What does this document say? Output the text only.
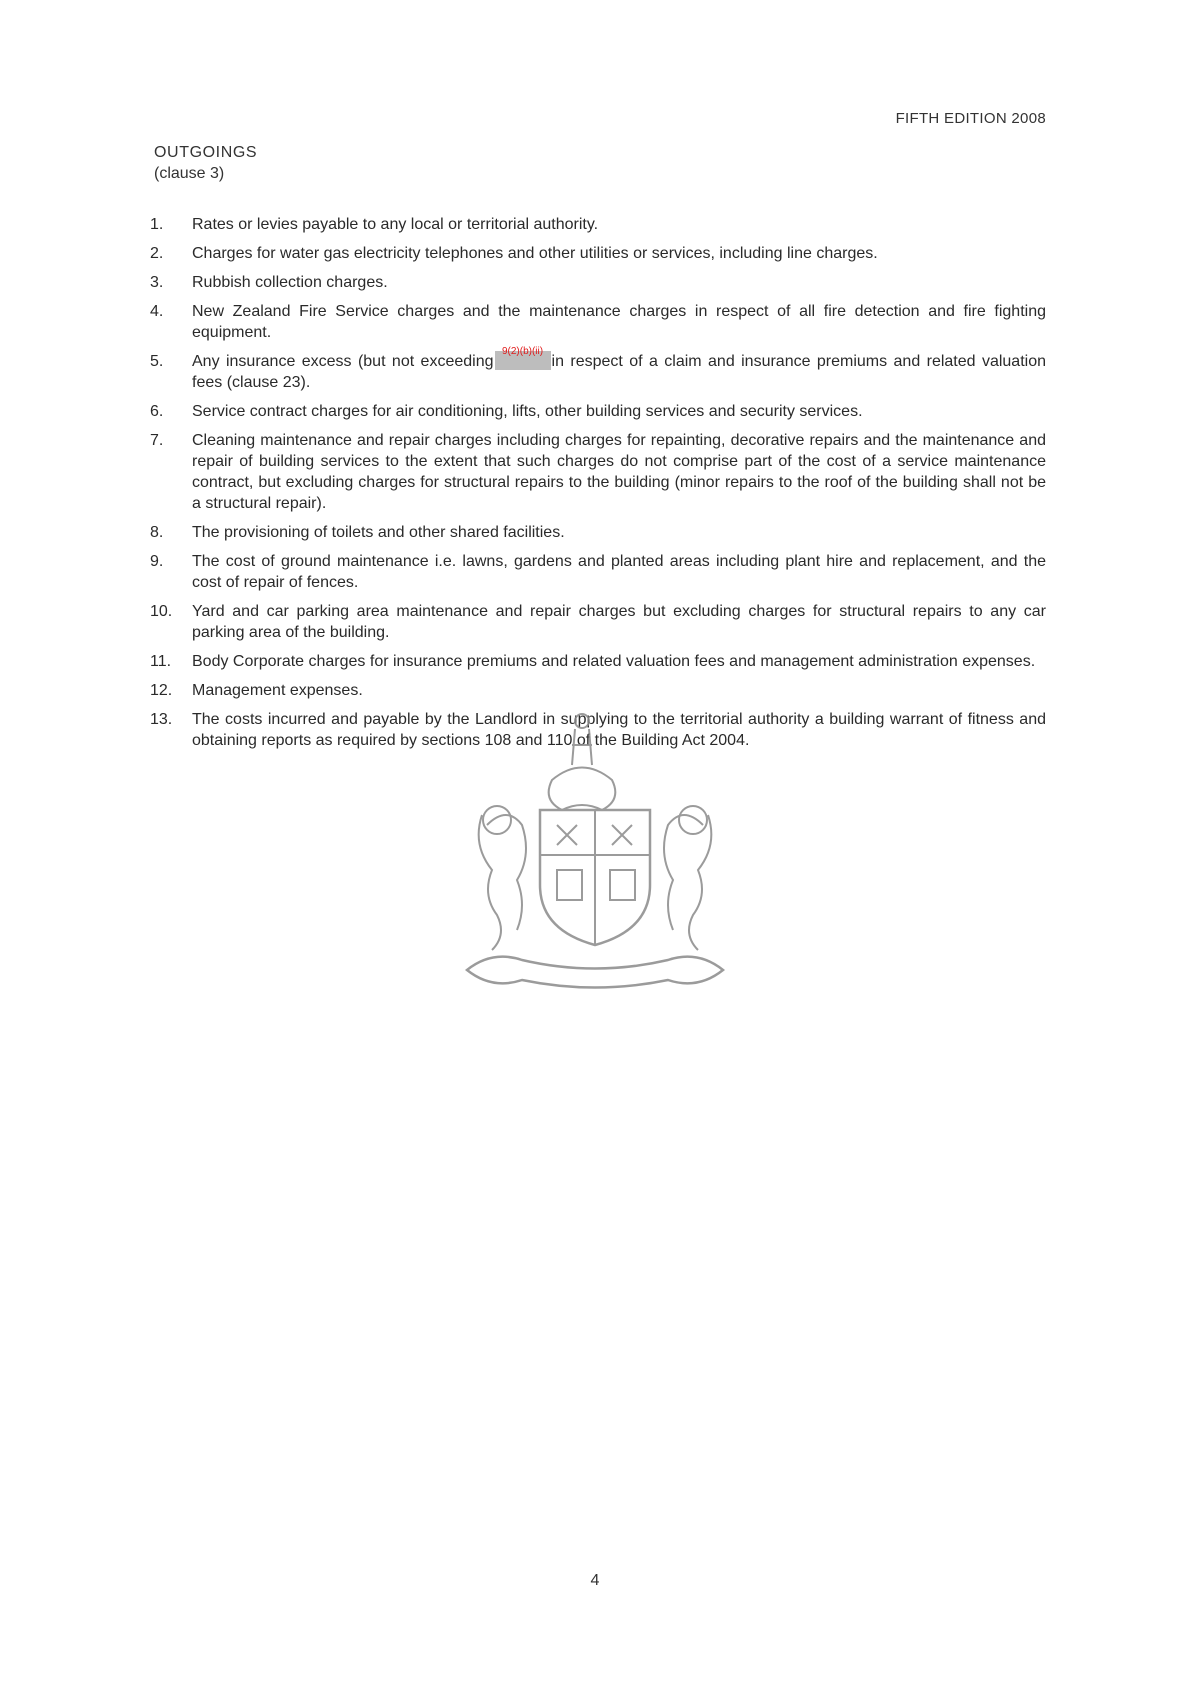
FIFTH EDITION 2008
OUTGOINGS
(clause 3)
1.	Rates or levies payable to any local or territorial authority.
2.	Charges for water gas electricity telephones and other utilities or services, including line charges.
3.	Rubbish collection charges.
4.	New Zealand Fire Service charges and the maintenance charges in respect of all fire detection and fire fighting equipment.
5.	Any insurance excess (but not exceeding
9(2)(b)(ii)
in respect of a claim and insurance premiums and related valuation fees (clause 23).
6.	Service contract charges for air conditioning, lifts, other building services and security services.
7.	Cleaning maintenance and repair charges including charges for repainting, decorative repairs and the maintenance and repair of building services to the extent that such charges do not comprise part of the cost of a service maintenance contract, but excluding charges for structural repairs to the building (minor repairs to the roof of the building shall not be a structural repair).
8.	The provisioning of toilets and other shared facilities.
9.	The cost of ground maintenance i.e. lawns, gardens and planted areas including plant hire and replacement, and the cost of repair of fences.
10.	Yard and car parking area maintenance and repair charges but excluding charges for structural repairs to any car parking area of the building.
11.	Body Corporate charges for insurance premiums and related valuation fees and management administration expenses.
12.	Management expenses.
13.	The costs incurred and payable by the Landlord in supplying to the territorial authority a building warrant of fitness and obtaining reports as required by sections 108 and 110 of the Building Act 2004.
4
